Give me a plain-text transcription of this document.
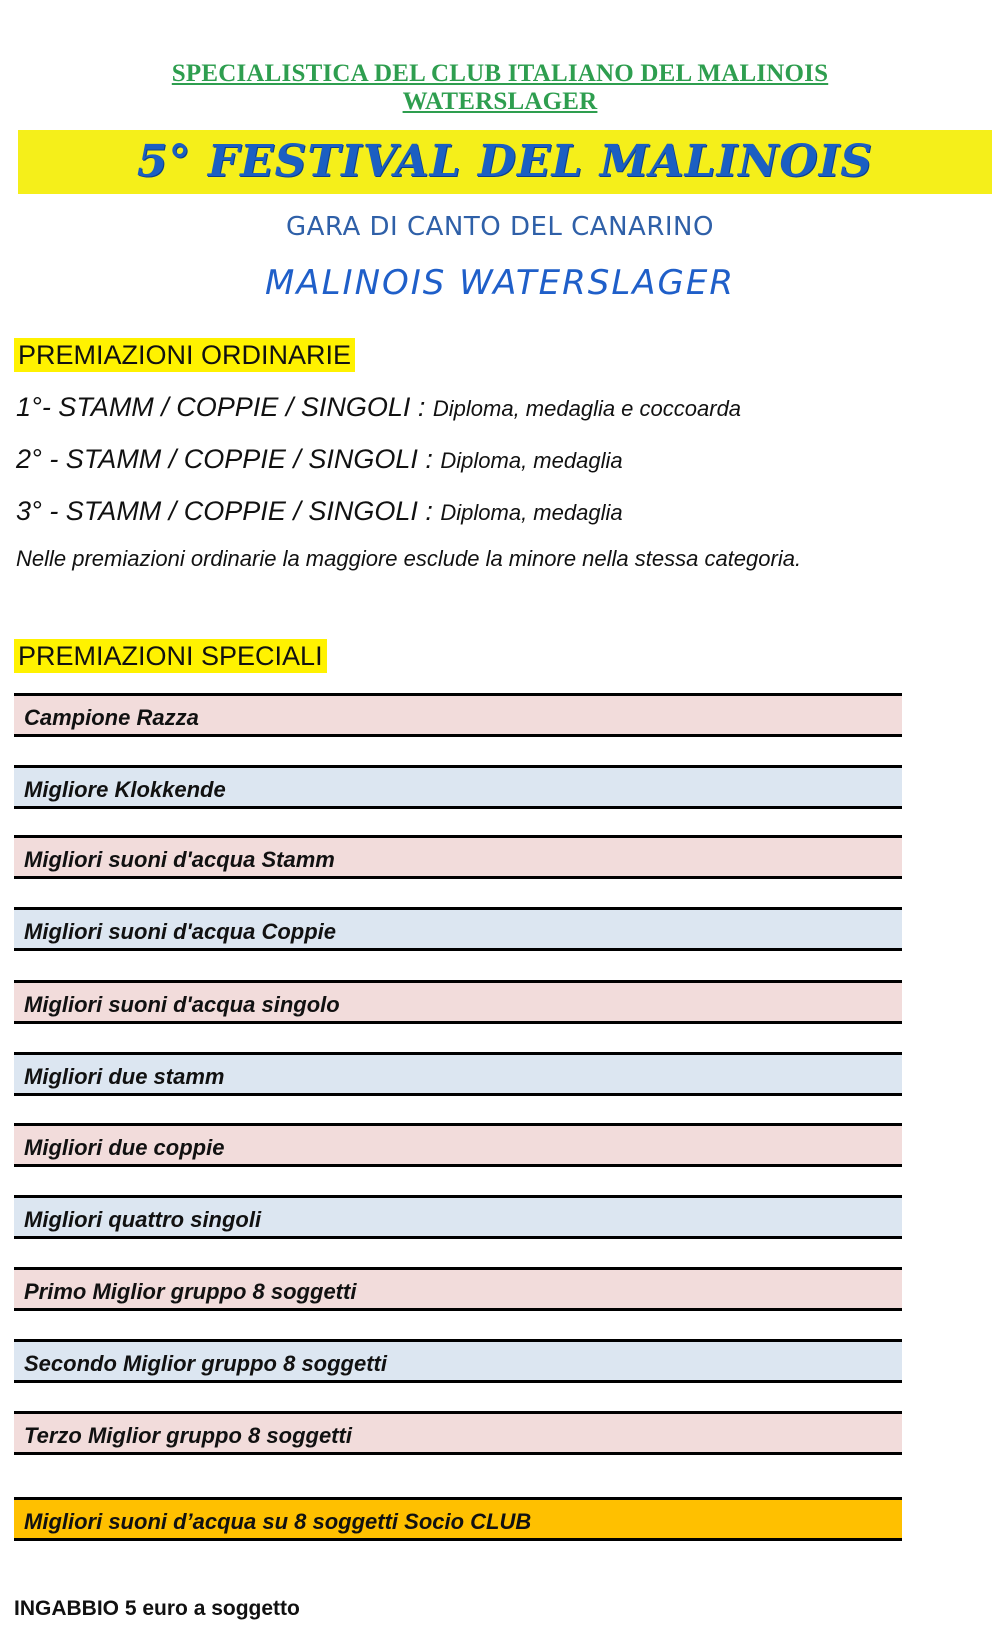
SPECIALISTICA DEL CLUB ITALIANO DEL MALINOIS
WATERSLAGER
5° FESTIVAL DEL MALINOIS
GARA DI CANTO DEL CANARINO
MALINOIS WATERSLAGER
PREMIAZIONI ORDINARIE
1°- STAMM / COPPIE / SINGOLI : Diploma, medaglia e coccoarda
2° - STAMM / COPPIE / SINGOLI : Diploma, medaglia
3° - STAMM / COPPIE / SINGOLI : Diploma, medaglia
Nelle premiazioni ordinarie la maggiore esclude la minore nella stessa categoria.
PREMIAZIONI SPECIALI
Campione Razza
Migliore Klokkende
Migliori suoni d'acqua Stamm
Migliori suoni d'acqua Coppie
Migliori suoni d'acqua singolo
Migliori due stamm
Migliori due coppie
Migliori quattro singoli
Primo Miglior gruppo 8 soggetti
Secondo Miglior gruppo 8 soggetti
Terzo Miglior gruppo 8 soggetti
Migliori suoni d’acqua su 8 soggetti Socio CLUB
INGABBIO 5 euro a soggetto
